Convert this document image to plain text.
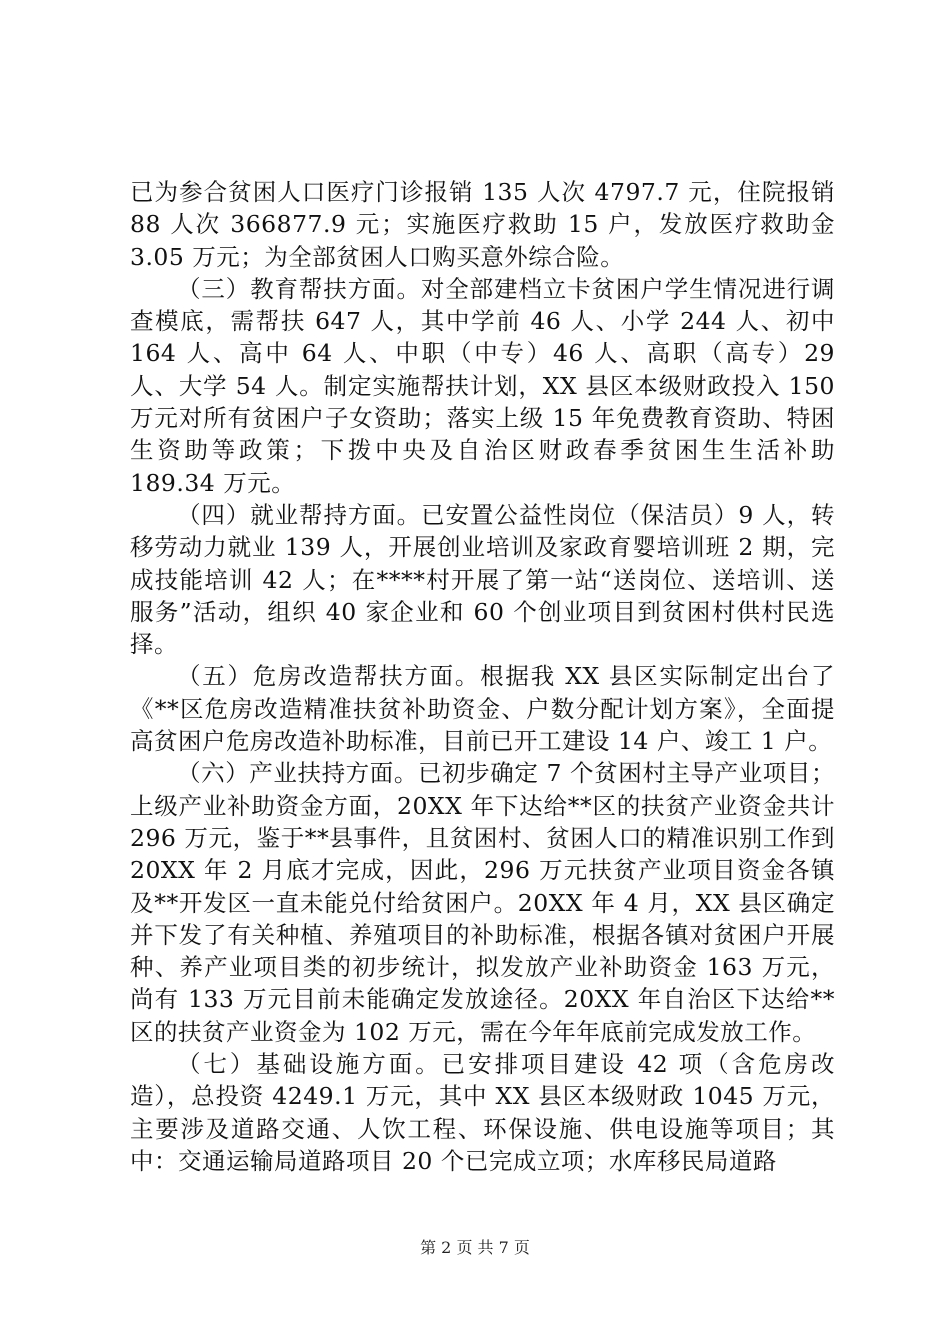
已为参合贫困人口医疗门诊报销 135 人次 4797.7 元，住院报销 88 人次 366877.9 元；实施医疗救助 15 户，发放医疗救助金 3.05 万元；为全部贫困人口购买意外综合险。

（三）教育帮扶方面。对全部建档立卡贫困户学生情况进行调查模底，需帮扶 647 人，其中学前 46 人、小学 244 人、初中 164 人、高中 64 人、中职（中专）46 人、高职（高专）29 人、大学 54 人。制定实施帮扶计划，XX 县区本级财政投入 150 万元对所有贫困户子女资助；落实上级 15 年免费教育资助、特困生资助等政策；下拨中央及自治区财政春季贫困生生活补助 189.34 万元。

（四）就业帮持方面。已安置公益性岗位（保洁员）9 人，转移劳动力就业 139 人，开展创业培训及家政育婴培训班 2 期，完成技能培训 42 人；在****村开展了第一站“送岗位、送培训、送服务”活动，组织 40 家企业和 60 个创业项目到贫困村供村民选择。

（五）危房改造帮扶方面。根据我 XX 县区实际制定出台了《**区危房改造精准扶贫补助资金、户数分配计划方案》，全面提高贫困户危房改造补助标准，目前已开工建设 14 户、竣工 1 户。

（六）产业扶持方面。已初步确定 7 个贫困村主导产业项目；上级产业补助资金方面，20XX 年下达给**区的扶贫产业资金共计 296 万元，鉴于**县事件，且贫困村、贫困人口的精准识别工作到 20XX 年 2 月底才完成，因此，296 万元扶贫产业项目资金各镇及**开发区一直未能兑付给贫困户。20XX 年 4 月，XX 县区确定并下发了有关种植、养殖项目的补助标准，根据各镇对贫困户开展种、养产业项目类的初步统计，拟发放产业补助资金 163 万元，尚有 133 万元目前未能确定发放途径。20XX 年自治区下达给**区的扶贫产业资金为 102 万元，需在今年年底前完成发放工作。

（七）基础设施方面。已安排项目建设 42 项（含危房改造），总投资 4249.1 万元，其中 XX 县区本级财政 1045 万元，主要涉及道路交通、人饮工程、环保设施、供电设施等项目；其中：交通运输局道路项目 20 个已完成立项；水库移民局道路

第 2 页 共 7 页
